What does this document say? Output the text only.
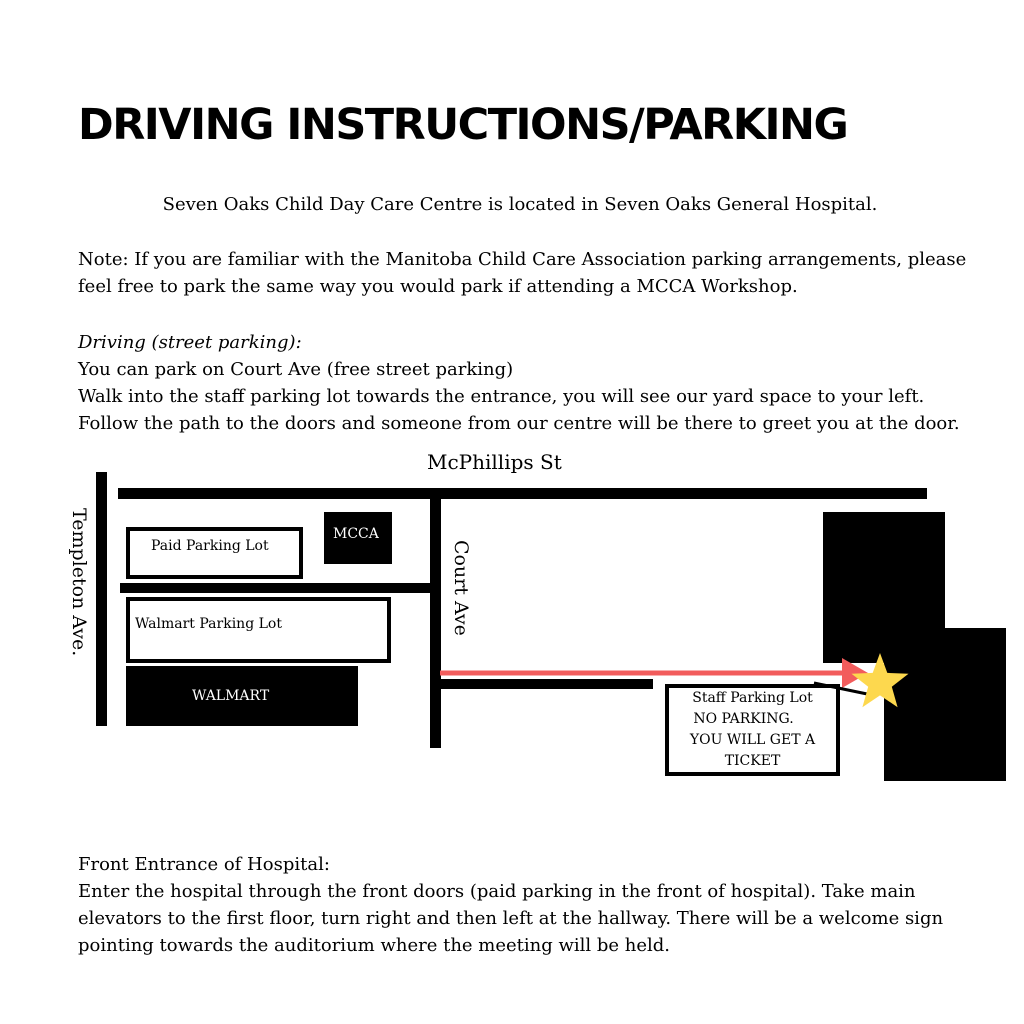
DRIVING INSTRUCTIONS/PARKING

Seven Oaks Child Day Care Centre is located in Seven Oaks General Hospital.

Note: If you are familiar with the Manitoba Child Care Association parking arrangements, please feel free to park the same way you would park if attending a MCCA Workshop.

Driving (street parking):
You can park on Court Ave (free street parking)
Walk into the staff parking lot towards the entrance, you will see our yard space to your left. Follow the path to the doors and someone from our centre will be there to greet you at the door.
McPhillips St
Templeton Ave.	Court Ave
Paid Parking Lot
MCCA
Walmart Parking Lot
WALMART	Staff Parking Lot
NO PARKING.
YOU WILL GET A
TICKET
Front Entrance of Hospital:
Enter the hospital through the front doors (paid parking in the front of hospital). Take main elevators to the first floor, turn right and then left at the hallway. There will be a welcome sign pointing towards the auditorium where the meeting will be held.
